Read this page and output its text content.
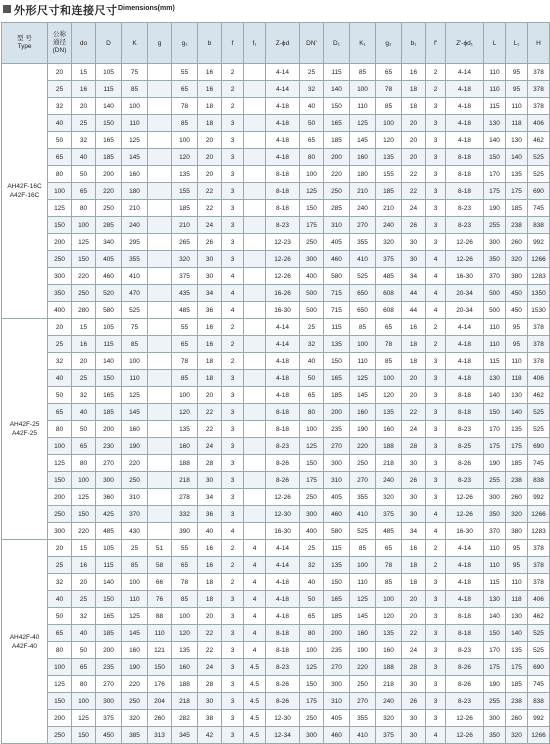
外形尺寸和连接尺寸 Dimensions(mm)
型 号
Type	公称
通径
(DN)	do	D	K	g	g₁	b	f	f₁	Z-ϕd	DN'	D₁	K₁	g₂	b₁	f'	Z'-ϕd₁	L	L₁	H

AH42F-16C
A42F-16C	20	15	105	75		55	16	2		4-14	25	115	85	65	16	2	4-14	110	95	378
	25	16	115	85		65	16	2		4-14	32	140	100	78	18	2	4-18	110	95	378
	32	20	140	100		78	18	2		4-18	40	150	110	85	18	3	4-18	115	110	378
	40	25	150	110		85	18	3		4-18	50	165	125	100	20	3	4-18	130	118	406
	50	32	165	125		100	20	3		4-18	65	185	145	120	20	3	4-18	140	130	462
	65	40	185	145		120	20	3		4-18	80	200	160	135	20	3	8-18	150	140	525
	80	50	200	160		135	20	3		8-18	100	220	180	155	22	3	8-18	170	135	525
	100	65	220	180		155	22	3		8-18	125	250	210	185	22	3	8-18	175	175	690
	125	80	250	210		185	22	3		8-18	150	285	240	210	24	3	8-23	190	185	745
	150	100	285	240		210	24	3		8-23	175	310	270	240	26	3	8-23	255	238	838
	200	125	340	295		265	26	3		12-23	250	405	355	320	30	3	12-26	300	260	992
	250	150	405	355		320	30	3		12-26	300	460	410	375	30	4	12-26	350	320	1266
	300	220	460	410		375	30	4		12-26	400	580	525	485	34	4	16-30	370	380	1283
	350	250	520	470		435	34	4		16-26	500	715	650	608	44	4	20-34	500	450	1350
	400	280	580	525		485	36	4		16-30	500	715	650	608	44	4	20-34	500	450	1530

AH42F-25
A42F-25	20	15	105	75		55	16	2		4-14	25	115	85	65	16	2	4-14	110	95	378
	25	16	115	85		65	16	2		4-14	32	135	100	78	18	2	4-18	110	95	378
	32	20	140	100		78	18	2		4-18	40	150	110	85	18	3	4-18	115	110	378
	40	25	150	110		85	18	3		4-18	50	165	125	100	20	3	4-18	130	118	406
	50	32	165	125		100	20	3		4-18	65	185	145	120	20	3	8-18	140	130	462
	65	40	185	145		120	22	3		8-18	80	200	160	135	22	3	8-18	150	140	525
	80	50	200	160		135	22	3		8-18	100	235	190	160	24	3	8-23	170	135	525
	100	65	230	190		160	24	3		8-23	125	270	220	188	28	3	8-25	175	175	690
	125	80	270	220		188	28	3		8-26	150	300	250	218	30	3	8-26	190	185	745
	150	100	300	250		218	30	3		8-26	175	310	270	240	26	3	8-23	255	238	838
	200	125	360	310		278	34	3		12-26	250	405	355	320	30	3	12-26	300	260	992
	250	150	425	370		332	36	3		12-30	300	460	410	375	30	4	12-26	350	320	1266
	300	220	485	430		390	40	4		16-30	400	580	525	485	34	4	16-30	370	380	1283

AH42F-40
A42F-40	20	15	105	25	51	55	16	2	4	4-14	25	115	85	65	16	2	4-14	110	95	378
	25	16	115	85	58	65	16	2	4	4-14	32	135	100	78	18	2	4-18	110	95	378
	32	20	140	100	66	78	18	2	4	4-18	40	150	110	85	18	3	4-18	115	110	378
	40	25	150	110	76	85	18	3	4	4-18	50	165	125	100	20	3	4-18	130	118	406
	50	32	165	125	88	100	20	3	4	4-18	65	185	145	120	20	3	8-18	140	130	462
	65	40	185	145	110	120	22	3	4	8-18	80	200	160	135	22	3	8-18	150	140	525
	80	50	200	160	121	135	22	3	4	8-18	100	235	190	160	24	3	8-23	170	135	525
	100	65	235	190	150	160	24	3	4.5	8-23	125	270	220	188	28	3	8-26	175	175	690
	125	80	270	220	176	188	28	3	4.5	8-26	150	300	250	218	30	3	8-26	190	185	745
	150	100	300	250	204	218	30	3	4.5	8-26	175	310	270	240	26	3	8-23	255	238	838
	200	125	375	320	260	282	38	3	4.5	12-30	250	405	355	320	30	3	12-26	300	260	992
	250	150	450	385	313	345	42	3	4.5	12-34	300	460	410	375	30	4	12-26	350	320	1266
